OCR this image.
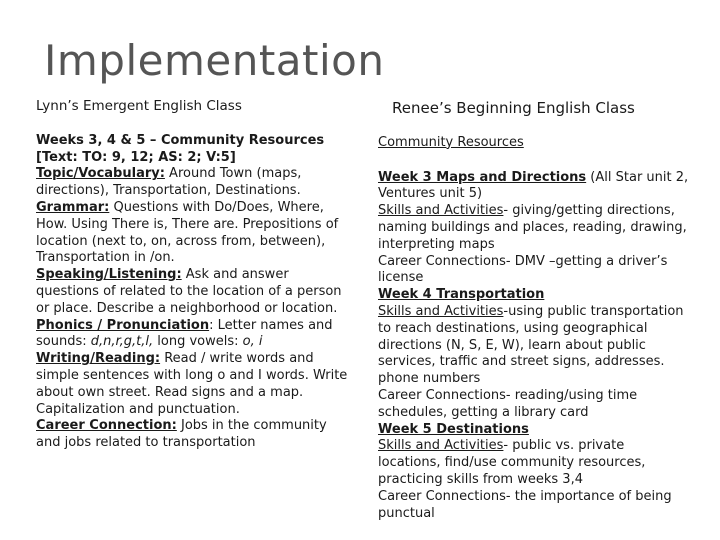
Implementation

Lynn’s Emergent English Class

Weeks 3, 4 & 5 – Community Resources
[Text: TO: 9, 12; AS: 2; V:5]
Topic/Vocabulary: Around Town (maps, directions), Transportation, Destinations.
Grammar: Questions with Do/Does, Where, How. Using There is, There are. Prepositions of location (next to, on, across from, between), Transportation in /on.
Speaking/Listening: Ask and answer questions of related to the location of a person or place. Describe a neighborhood or location.
Phonics / Pronunciation: Letter names and sounds: d,n,r,g,t,l, long vowels: o, i
Writing/Reading: Read / write words and simple sentences with long o and I words. Write about own street. Read signs and a map. Capitalization and punctuation.
Career Connection: Jobs in the community and jobs related to transportation

Renee’s Beginning English Class

Community Resources

Week 3 Maps and Directions (All Star unit 2, Ventures unit 5)
Skills and Activities- giving/getting directions, naming buildings and places, reading, drawing, interpreting maps
Career Connections- DMV –getting a driver’s license
Week 4 Transportation
Skills and Activities-using public transportation to reach destinations, using geographical directions (N, S, E, W), learn about public services, traffic and street signs, addresses. phone numbers
Career Connections- reading/using time schedules, getting a library card
Week 5 Destinations
Skills and Activities- public vs. private locations, find/use community resources, practicing skills from weeks 3,4
Career Connections- the importance of being punctual
